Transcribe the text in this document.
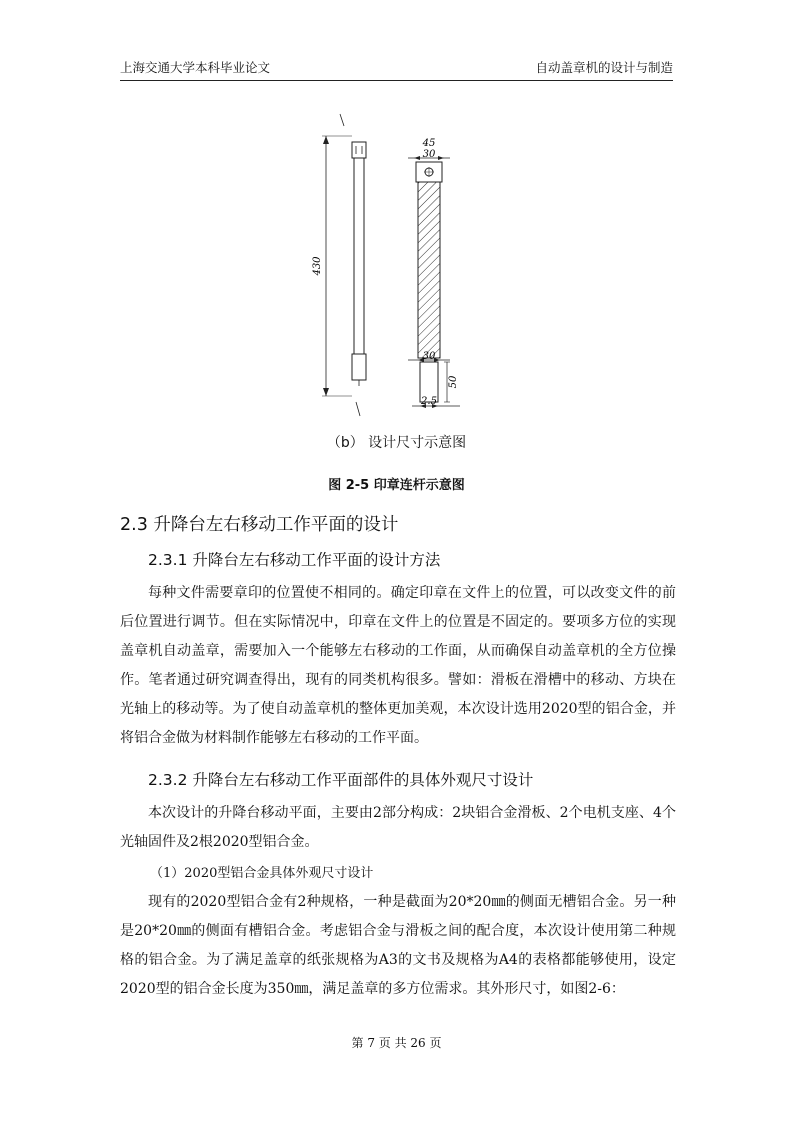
上海交通大学本科毕业论文	自动盖章机的设计与制造
430
45
30
30
50
2.5
（b） 设计尺寸示意图
图 2-5 印章连杆示意图
2.3 升降台左右移动工作平面的设计
2.3.1 升降台左右移动工作平面的设计方法
每种文件需要章印的位置使不相同的。确定印章在文件上的位置，可以改变文件的前后位置进行调节。但在实际情况中，印章在文件上的位置是不固定的。要项多方位的实现盖章机自动盖章，需要加入一个能够左右移动的工作面，从而确保自动盖章机的全方位操作。笔者通过研究调查得出，现有的同类机构很多。譬如：滑板在滑槽中的移动、方块在光轴上的移动等。为了使自动盖章机的整体更加美观，本次设计选用2020型的铝合金，并将铝合金做为材料制作能够左右移动的工作平面。
2.3.2 升降台左右移动工作平面部件的具体外观尺寸设计
本次设计的升降台移动平面，主要由2部分构成：2块铝合金滑板、2个电机支座、4个光轴固件及2根2020型铝合金。
（1）2020型铝合金具体外观尺寸设计
现有的2020型铝合金有2种规格，一种是截面为20*20㎜的侧面无槽铝合金。另一种是20*20㎜的侧面有槽铝合金。考虑铝合金与滑板之间的配合度，本次设计使用第二种规格的铝合金。为了满足盖章的纸张规格为A3的文书及规格为A4的表格都能够使用，设定2020型的铝合金长度为350㎜，满足盖章的多方位需求。其外形尺寸，如图2-6：
第 7 页 共 26 页
